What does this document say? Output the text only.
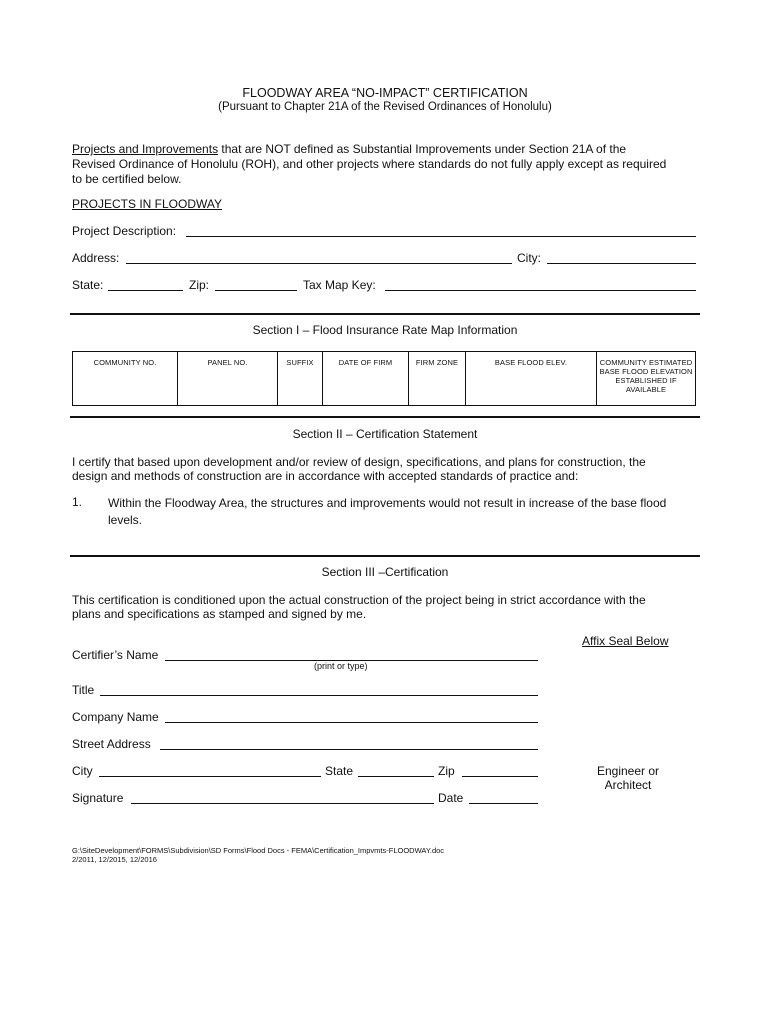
FLOODWAY AREA “NO-IMPACT” CERTIFICATION
(Pursuant to Chapter 21A of the Revised Ordinances of Honolulu)
Projects and Improvements that are NOT defined as Substantial Improvements under Section 21A of the
Revised Ordinance of Honolulu (ROH), and other projects where standards do not fully apply except as required
to be certified below.
PROJECTS IN FLOODWAY
Project Description:
Address:	City:
State:	Zip:	Tax Map Key:
Section I – Flood Insurance Rate Map Information
COMMUNITY NO.	PANEL NO.	SUFFIX	DATE OF FIRM	FIRM ZONE	BASE FLOOD ELEV.	COMMUNITY ESTIMATED BASE FLOOD ELEVATION ESTABLISHED IF AVAILABLE
Section II – Certification Statement
I certify that based upon development and/or review of design, specifications, and plans for construction, the
design and methods of construction are in accordance with accepted standards of practice and:
1. Within the Floodway Area, the structures and improvements would not result in increase of the base flood
levels.
Section III –Certification
This certification is conditioned upon the actual construction of the project being in strict accordance with the
plans and specifications as stamped and signed by me.
Affix Seal Below
Certifier’s Name
(print or type)
Title
Company Name
Street Address
City	State	Zip
Signature	Date
Engineer or
Architect
G:\SiteDevelopment\FORMS\Subdivision\SD Forms\Flood Docs - FEMA\Certification_Impvmts-FLOODWAY.doc
2/2011, 12/2015, 12/2016
